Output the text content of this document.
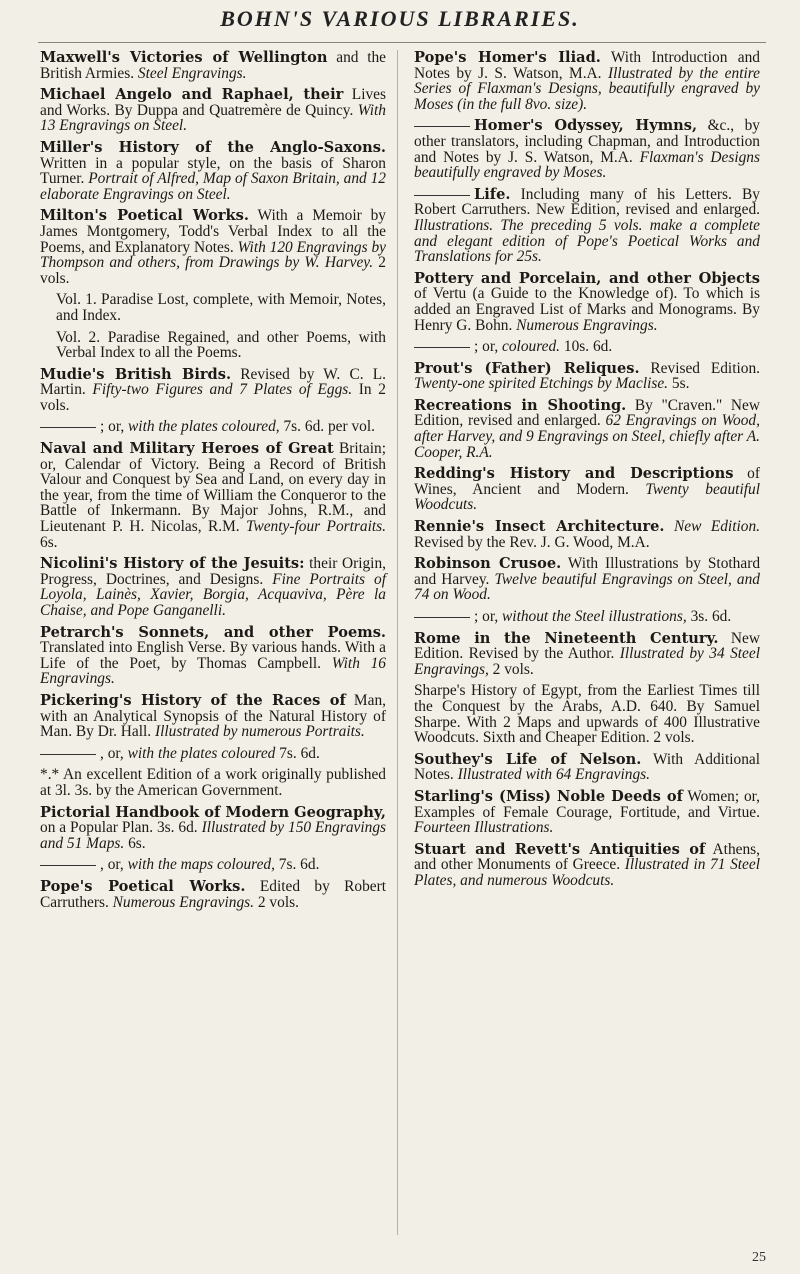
BOHN'S VARIOUS LIBRARIES.
Maxwell's Victories of Wellington and the British Armies. Steel Engravings.
Michael Angelo and Raphael, their Lives and Works. By Duppa and Quatremère de Quincy. With 13 Engravings on Steel.
Miller's History of the Anglo-Saxons. Written in a popular style, on the basis of Sharon Turner. Portrait of Alfred, Map of Saxon Britain, and 12 elaborate Engravings on Steel.
Milton's Poetical Works. With a Memoir by James Montgomery, Todd's Verbal Index to all the Poems, and Explanatory Notes. With 120 Engravings by Thompson and others, from Drawings by W. Harvey. 2 vols.
Vol. 1. Paradise Lost, complete, with Memoir, Notes, and Index.
Vol. 2. Paradise Regained, and other Poems, with Verbal Index to all the Poems.
Mudie's British Birds. Revised by W. C. L. Martin. Fifty-two Figures and 7 Plates of Eggs. In 2 vols.
; or, with the plates coloured, 7s. 6d. per vol.
Naval and Military Heroes of Great Britain; or, Calendar of Victory. Being a Record of British Valour and Conquest by Sea and Land, on every day in the year, from the time of William the Conqueror to the Battle of Inkermann. By Major Johns, R.M., and Lieutenant P. H. Nicolas, R.M. Twenty-four Portraits. 6s.
Nicolini's History of the Jesuits: their Origin, Progress, Doctrines, and Designs. Fine Portraits of Loyola, Lainès, Xavier, Borgia, Acquaviva, Père la Chaise, and Pope Ganganelli.
Petrarch's Sonnets, and other Poems. Translated into English Verse. By various hands. With a Life of the Poet, by Thomas Campbell. With 16 Engravings.
Pickering's History of the Races of Man, with an Analytical Synopsis of the Natural History of Man. By Dr. Hall. Illustrated by numerous Portraits.
, or, with the plates coloured 7s. 6d.
*.* An excellent Edition of a work originally published at 3l. 3s. by the American Government.
Pictorial Handbook of Modern Geography, on a Popular Plan. 3s. 6d. Illustrated by 150 Engravings and 51 Maps. 6s.
, or, with the maps coloured, 7s. 6d.
Pope's Poetical Works. Edited by Robert Carruthers. Numerous Engravings. 2 vols.
Pope's Homer's Iliad. With Introduction and Notes by J. S. Watson, M.A. Illustrated by the entire Series of Flaxman's Designs, beautifully engraved by Moses (in the full 8vo. size).
Homer's Odyssey, Hymns, &c., by other translators, including Chapman, and Introduction and Notes by J. S. Watson, M.A. Flaxman's Designs beautifully engraved by Moses.
Life. Including many of his Letters. By Robert Carruthers. New Edition, revised and enlarged. Illustrations. The preceding 5 vols. make a complete and elegant edition of Pope's Poetical Works and Translations for 25s.
Pottery and Porcelain, and other Objects of Vertu (a Guide to the Knowledge of). To which is added an Engraved List of Marks and Monograms. By Henry G. Bohn. Numerous Engravings.
; or, coloured. 10s. 6d.
Prout's (Father) Reliques. Revised Edition. Twenty-one spirited Etchings by Maclise. 5s.
Recreations in Shooting. By "Craven." New Edition, revised and enlarged. 62 Engravings on Wood, after Harvey, and 9 Engravings on Steel, chiefly after A. Cooper, R.A.
Redding's History and Descriptions of Wines, Ancient and Modern. Twenty beautiful Woodcuts.
Rennie's Insect Architecture. New Edition. Revised by the Rev. J. G. Wood, M.A.
Robinson Crusoe. With Illustrations by Stothard and Harvey. Twelve beautiful Engravings on Steel, and 74 on Wood.
; or, without the Steel illustrations, 3s. 6d.
Rome in the Nineteenth Century. New Edition. Revised by the Author. Illustrated by 34 Steel Engravings, 2 vols.
Sharpe's History of Egypt, from the Earliest Times till the Conquest by the Arabs, A.D. 640. By Samuel Sharpe. With 2 Maps and upwards of 400 Illustrative Woodcuts. Sixth and Cheaper Edition. 2 vols.
Southey's Life of Nelson. With Additional Notes. Illustrated with 64 Engravings.
Starling's (Miss) Noble Deeds of Women; or, Examples of Female Courage, Fortitude, and Virtue. Fourteen Illustrations.
Stuart and Revett's Antiquities of Athens, and other Monuments of Greece. Illustrated in 71 Steel Plates, and numerous Woodcuts.
25
